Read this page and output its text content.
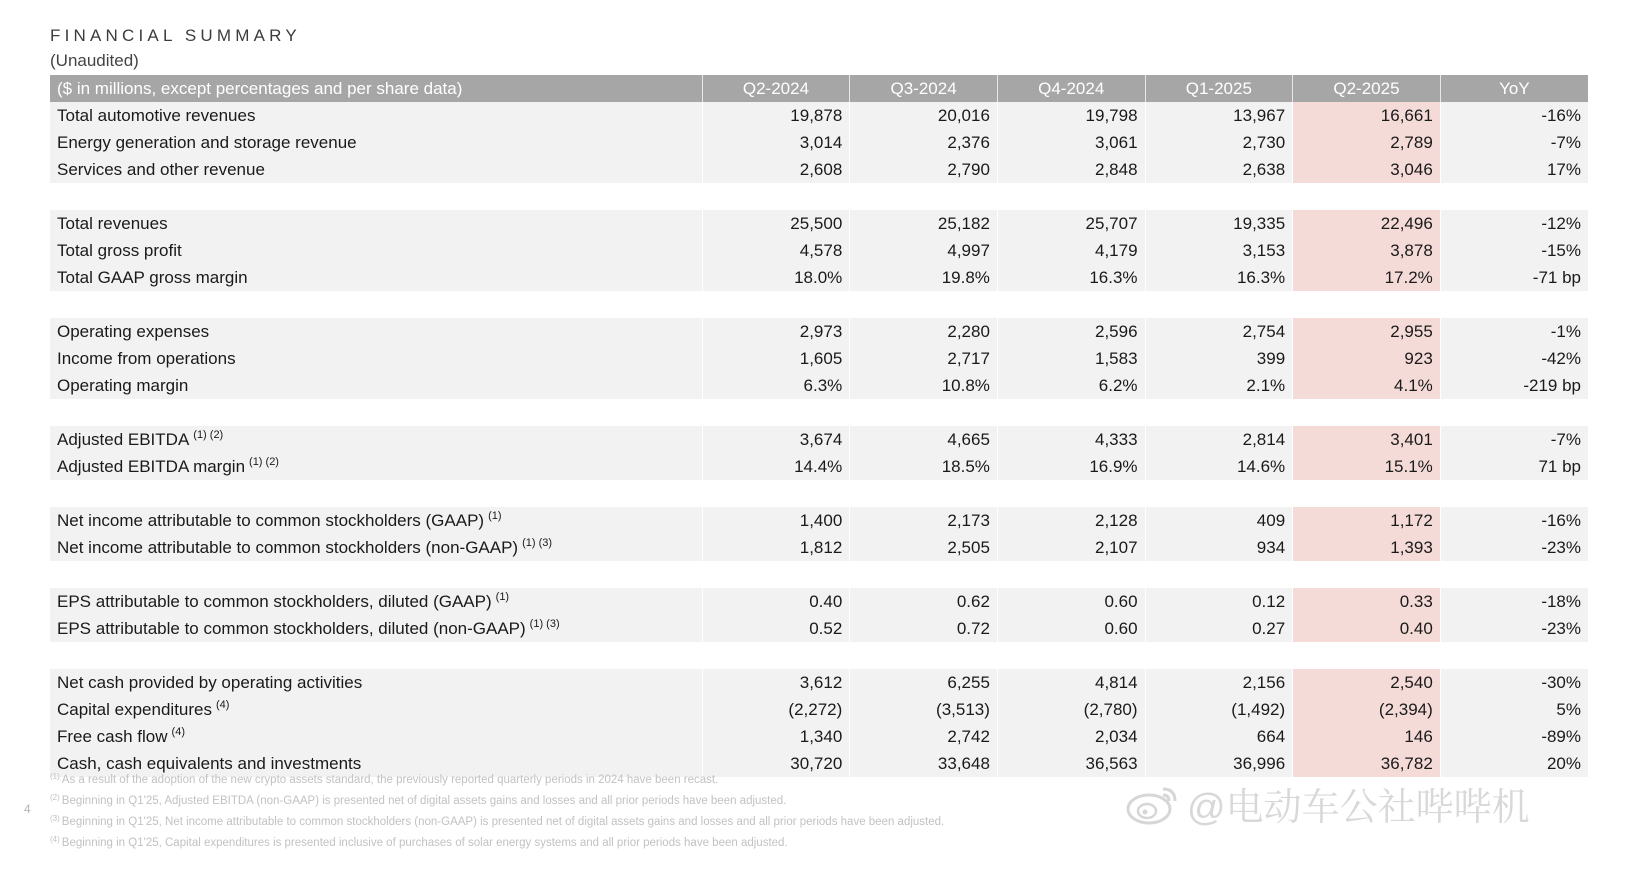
FINANCIAL SUMMARY
(Unaudited)
($ in millions, except percentages and per share data)	Q2-2024	Q3-2024	Q4-2024	Q1-2025	Q2-2025	YoY
Total automotive revenues	19,878	20,016	19,798	13,967	16,661	-16%
Energy generation and storage revenue	3,014	2,376	3,061	2,730	2,789	-7%
Services and other revenue	2,608	2,790	2,848	2,638	3,046	17%

Total revenues	25,500	25,182	25,707	19,335	22,496	-12%
Total gross profit	4,578	4,997	4,179	3,153	3,878	-15%
Total GAAP gross margin	18.0%	19.8%	16.3%	16.3%	17.2%	-71 bp

Operating expenses	2,973	2,280	2,596	2,754	2,955	-1%
Income from operations	1,605	2,717	1,583	399	923	-42%
Operating margin	6.3%	10.8%	6.2%	2.1%	4.1%	-219 bp

Adjusted EBITDA $^{(1) (2)}$	3,674	4,665	4,333	2,814	3,401	-7%
Adjusted EBITDA margin $^{(1) (2)}$	14.4%	18.5%	16.9%	14.6%	15.1%	71 bp

Net income attributable to common stockholders (GAAP) $^{(1)}$	1,400	2,173	2,128	409	1,172	-16%
Net income attributable to common stockholders (non-GAAP) $^{(1) (3)}$	1,812	2,505	2,107	934	1,393	-23%

EPS attributable to common stockholders, diluted (GAAP) $^{(1)}$	0.40	0.62	0.60	0.12	0.33	-18%
EPS attributable to common stockholders, diluted (non-GAAP) $^{(1) (3)}$	0.52	0.72	0.60	0.27	0.40	-23%

Net cash provided by operating activities	3,612	6,255	4,814	2,156	2,540	-30%
Capital expenditures $^{(4)}$	(2,272)	(3,513)	(2,780)	(1,492)	(2,394)	5%
Free cash flow $^{(4)}$	1,340	2,742	2,034	664	146	-89%
Cash, cash equivalents and investments	30,720	33,648	36,563	36,996	36,782	20%
4
$^{(1)}$ As a result of the adoption of the new crypto assets standard, the previously reported quarterly periods in 2024 have been recast.
$^{(2)}$ Beginning in Q1'25, Adjusted EBITDA (non-GAAP) is presented net of digital assets gains and losses and all prior periods have been adjusted.
$^{(3)}$ Beginning in Q1'25, Net income attributable to common stockholders (non-GAAP) is presented net of digital assets gains and losses and all prior periods have been adjusted.
$^{(4)}$ Beginning in Q1'25, Capital expenditures is presented inclusive of purchases of solar energy systems and all prior periods have been adjusted.
@电动车公社哔哔机
